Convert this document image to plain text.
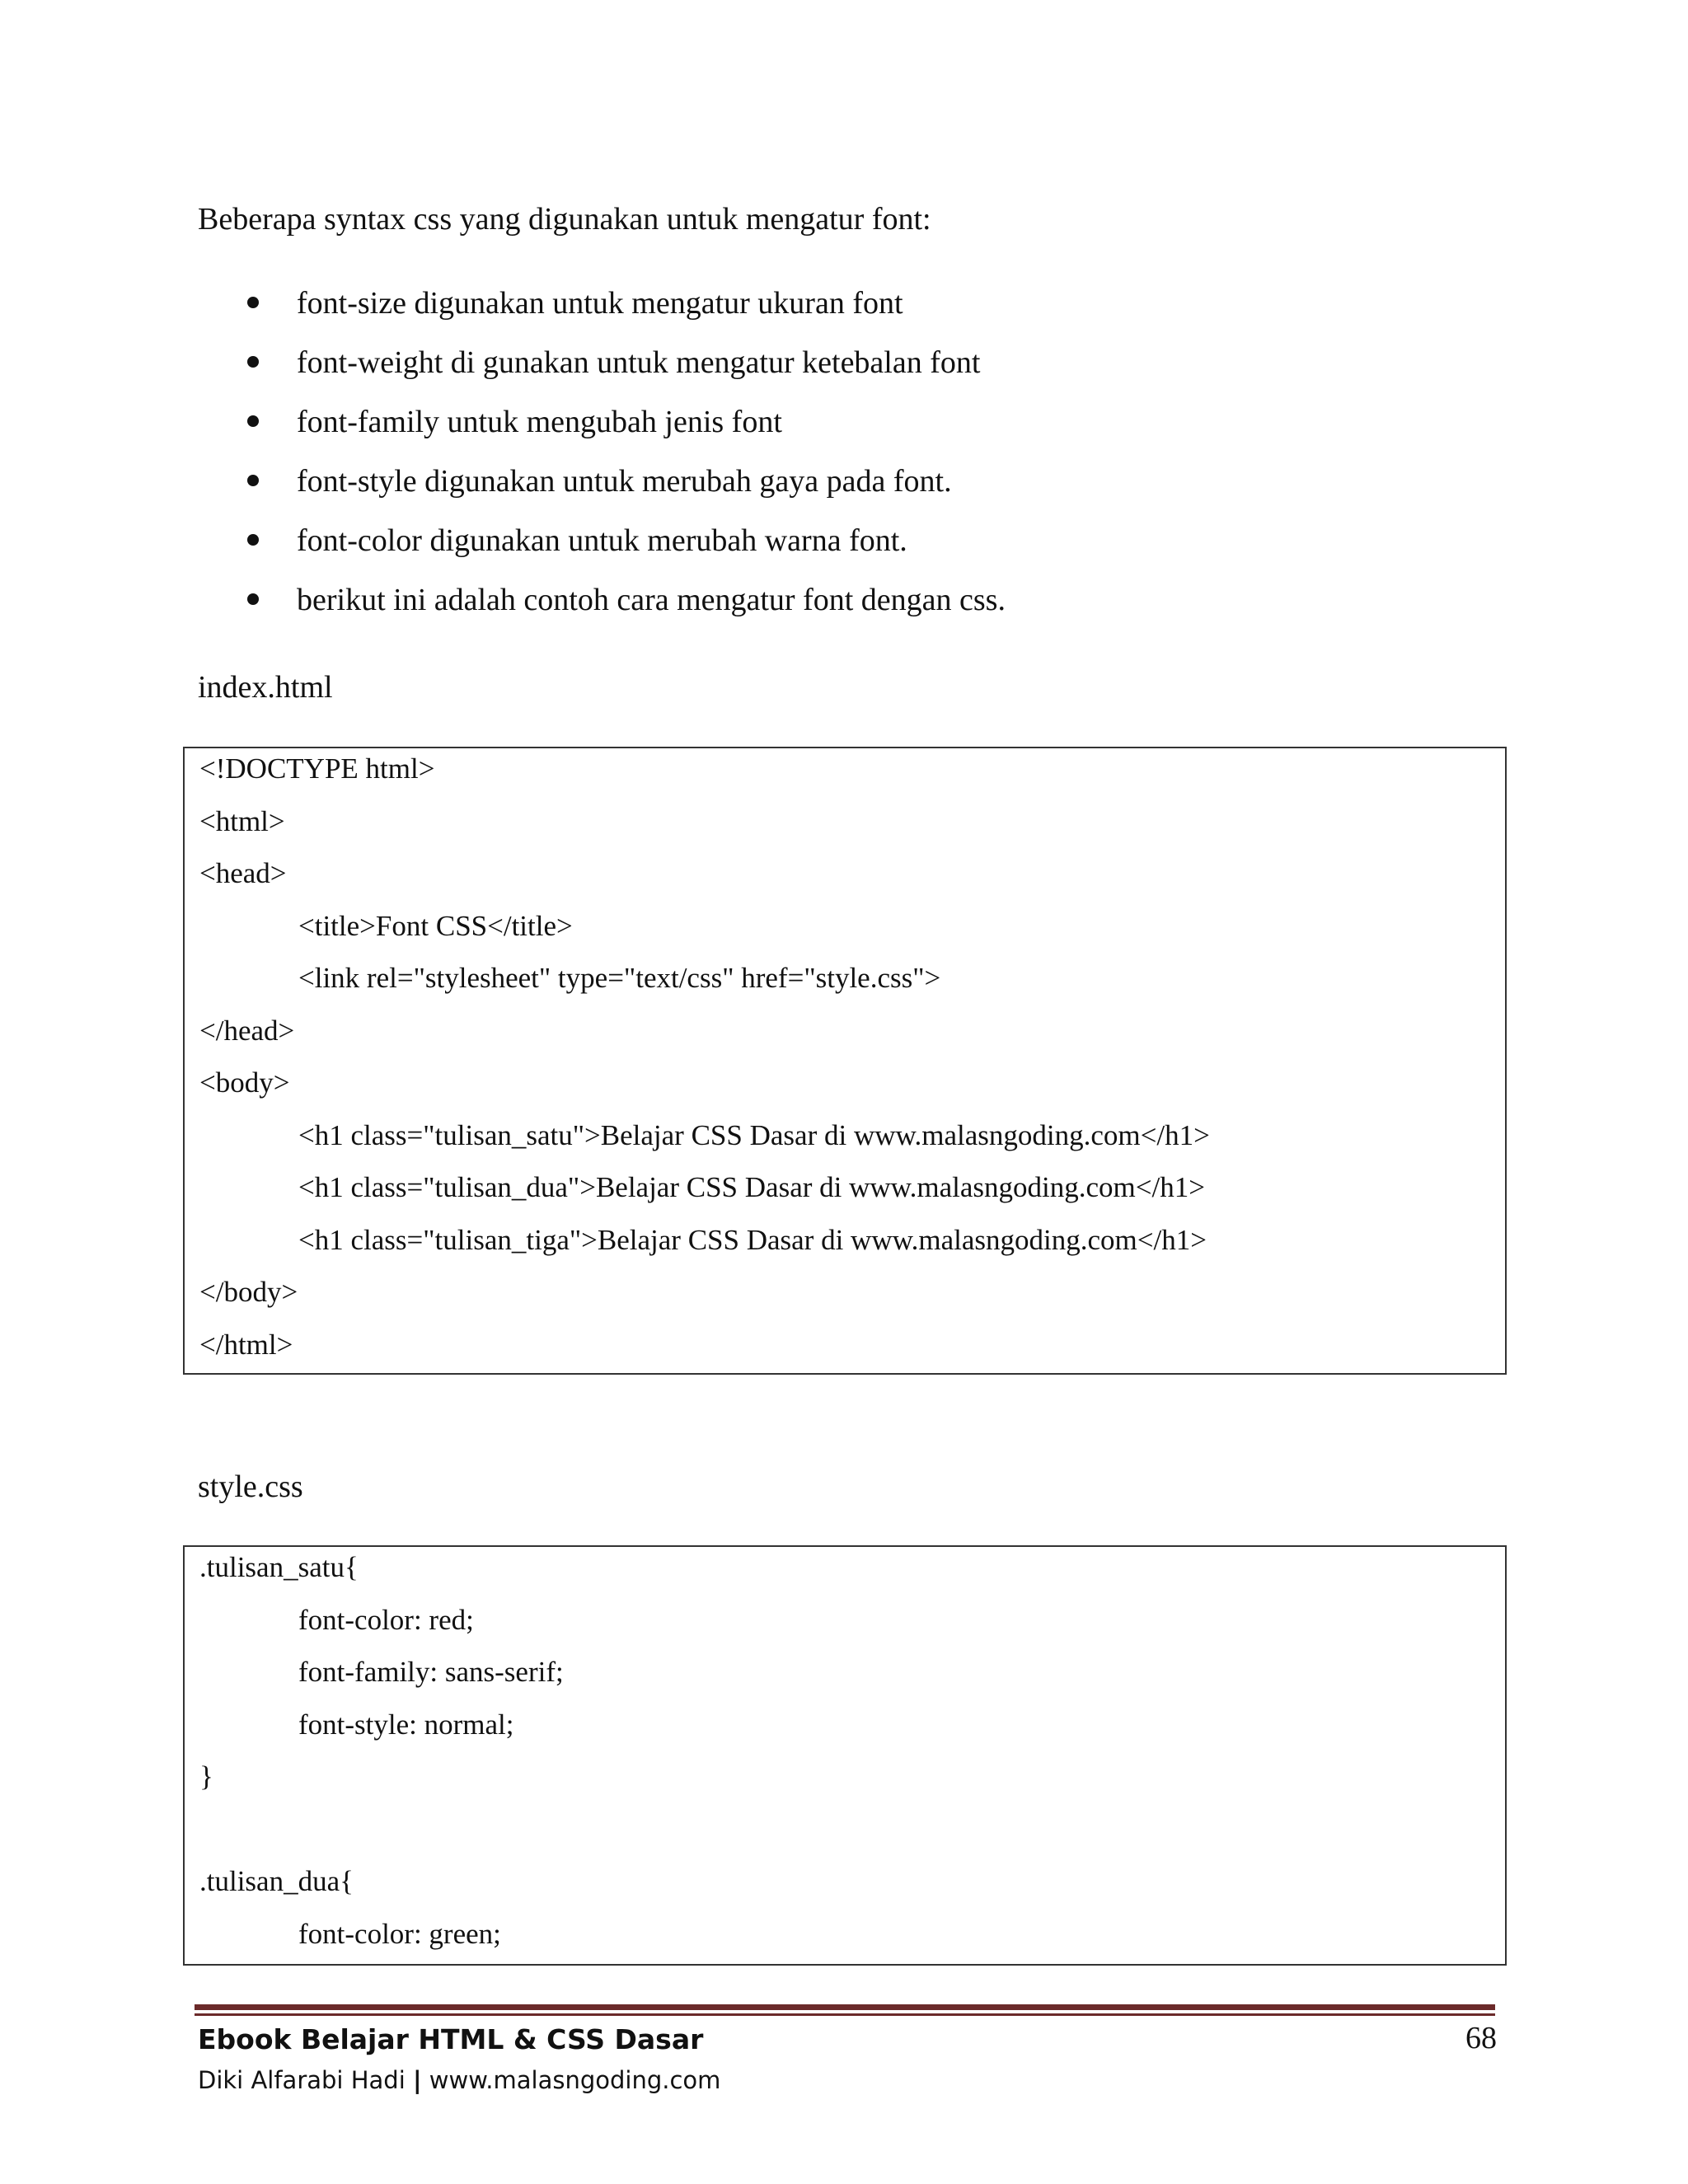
Beberapa syntax css yang digunakan untuk mengatur font:

font-size digunakan untuk mengatur ukuran font
font-weight di gunakan untuk mengatur ketebalan font
font-family untuk mengubah jenis font
font-style digunakan untuk merubah gaya pada font.
font-color digunakan untuk merubah warna font.
berikut ini adalah contoh cara mengatur font dengan css.

index.html

<!DOCTYPE html>
<html>
<head>
<title>Font CSS</title>
<link rel="stylesheet" type="text/css" href="style.css">
</head>
<body>
<h1 class="tulisan_satu">Belajar CSS Dasar di www.malasngoding.com</h1>
<h1 class="tulisan_dua">Belajar CSS Dasar di www.malasngoding.com</h1>
<h1 class="tulisan_tiga">Belajar CSS Dasar di www.malasngoding.com</h1>
</body>
</html>

style.css

.tulisan_satu{
font-color: red;
font-family: sans-serif;
font-style: normal;
}
.tulisan_dua{
font-color: green;
Ebook Belajar HTML & CSS Dasar
Diki Alfarabi Hadi | www.malasngoding.com
68
